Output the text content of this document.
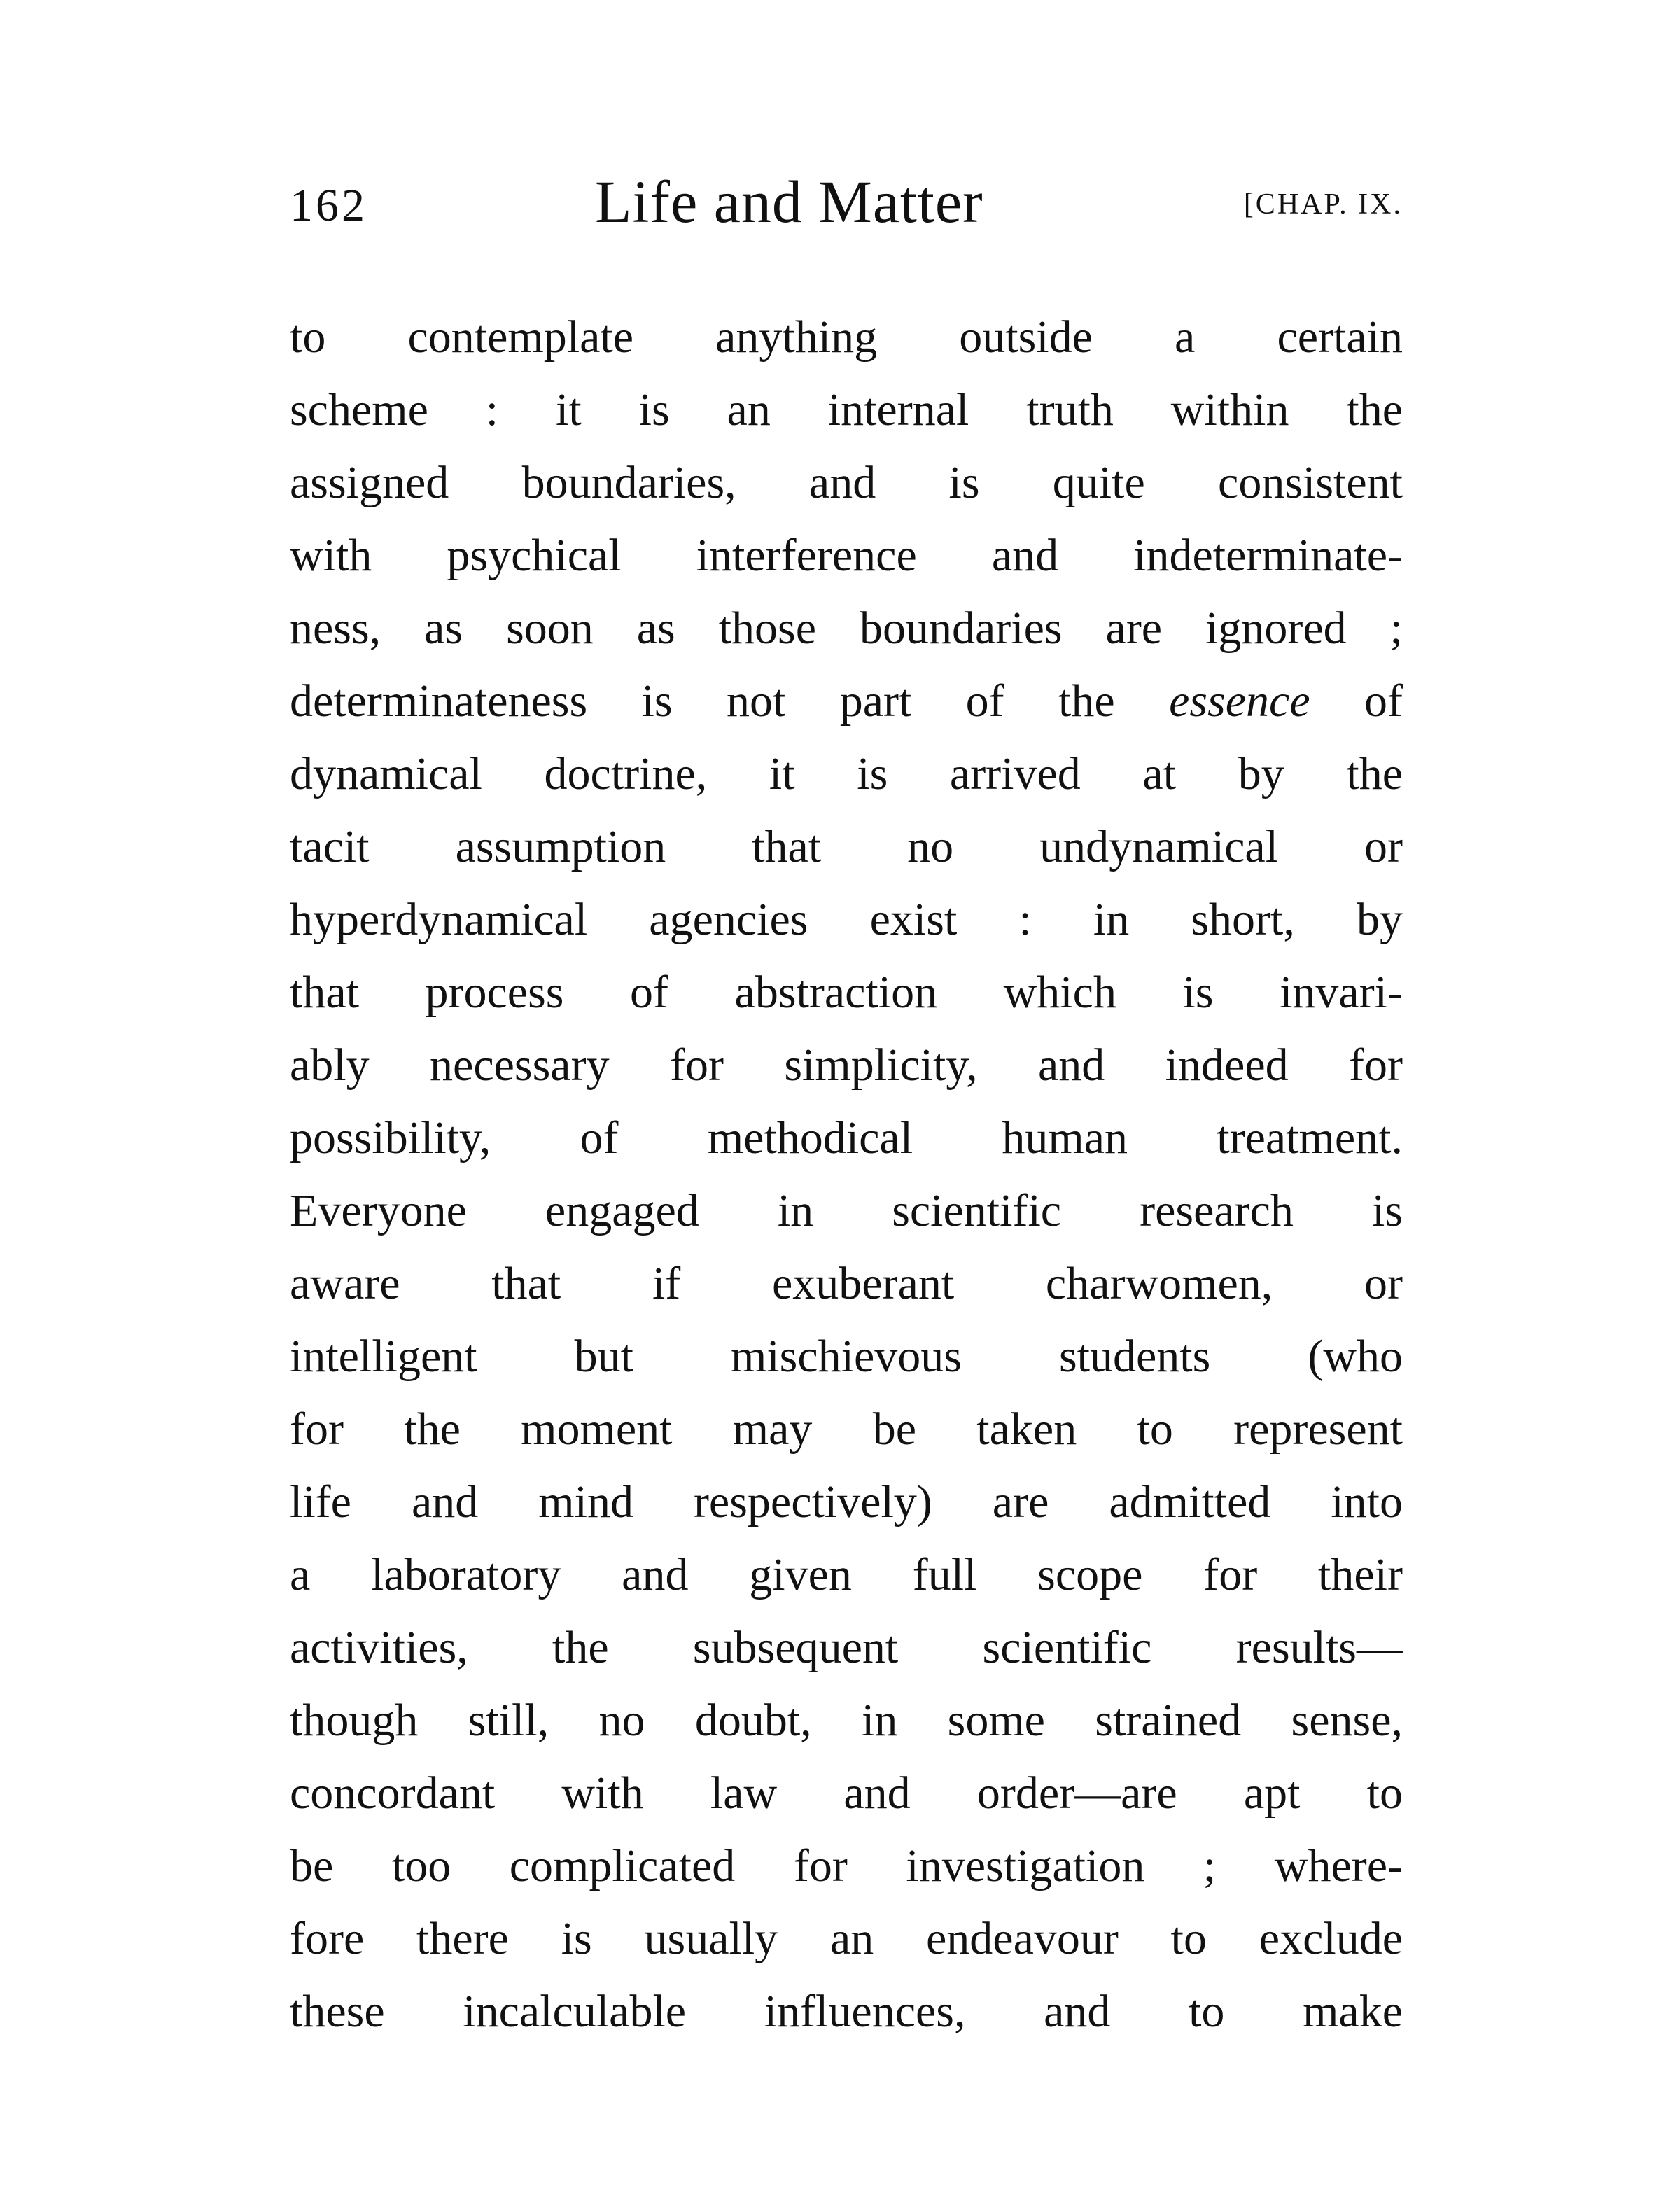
162	Life and Matter	[CHAP. IX.
to contemplate anything outside a certain
scheme : it is an internal truth within the
assigned boundaries, and is quite consistent
with psychical interference and indeterminate-
ness, as soon as those boundaries are ignored ;
determinateness is not part of the essence of
dynamical doctrine, it is arrived at by the
tacit assumption that no undynamical or
hyperdynamical agencies exist : in short, by
that process of abstraction which is invari-
ably necessary for simplicity, and indeed for
possibility, of methodical human treatment.
Everyone engaged in scientific research is
aware that if exuberant charwomen, or
intelligent but mischievous students (who
for the moment may be taken to represent
life and mind respectively) are admitted into
a laboratory and given full scope for their
activities, the subsequent scientific results—
though still, no doubt, in some strained sense,
concordant with law and order—are apt to
be too complicated for investigation ; where-
fore there is usually an endeavour to exclude
these incalculable influences, and to make
